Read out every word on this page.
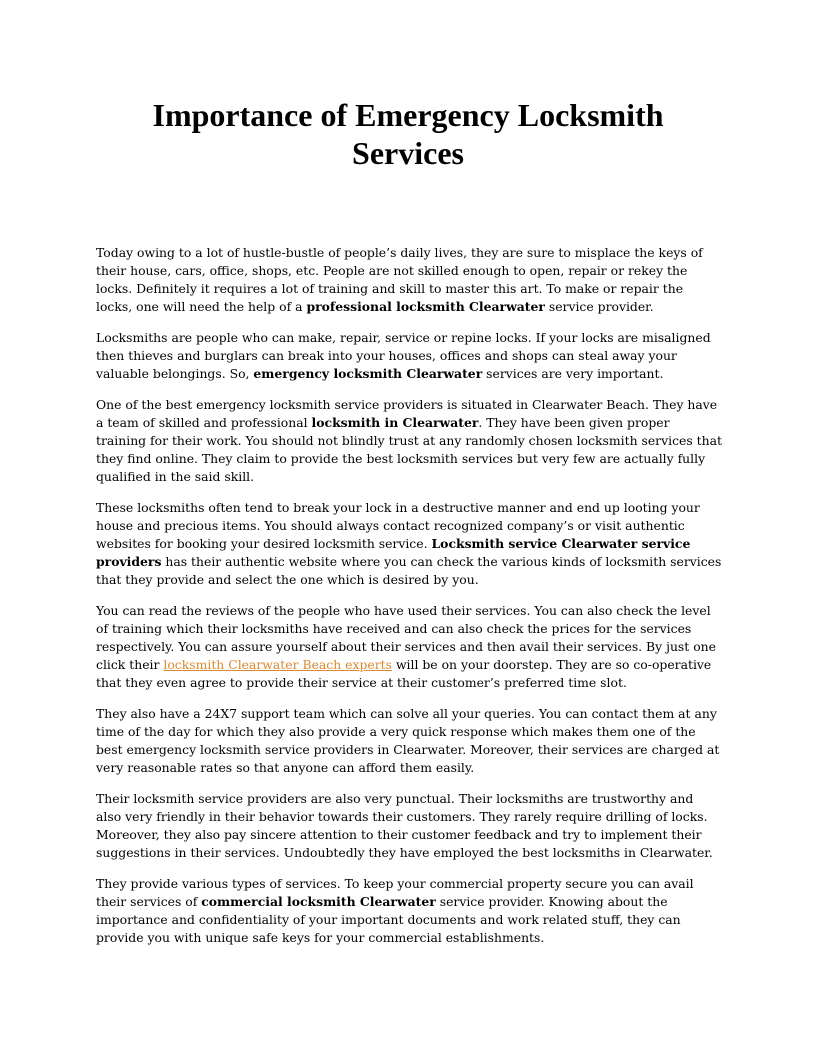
Importance of Emergency Locksmith Services

Today owing to a lot of hustle-bustle of people’s daily lives, they are sure to misplace the keys of their house, cars, office, shops, etc. People are not skilled enough to open, repair or rekey the locks. Definitely it requires a lot of training and skill to master this art. To make or repair the locks, one will need the help of a professional locksmith Clearwater service provider.

Locksmiths are people who can make, repair, service or repine locks. If your locks are misaligned then thieves and burglars can break into your houses, offices and shops can steal away your valuable belongings. So, emergency locksmith Clearwater services are very important.

One of the best emergency locksmith service providers is situated in Clearwater Beach. They have a team of skilled and professional locksmith in Clearwater. They have been given proper training for their work. You should not blindly trust at any randomly chosen locksmith services that they find online. They claim to provide the best locksmith services but very few are actually fully qualified in the said skill.

These locksmiths often tend to break your lock in a destructive manner and end up looting your house and precious items. You should always contact recognized company’s or visit authentic websites for booking your desired locksmith service. Locksmith service Clearwater service providers has their authentic website where you can check the various kinds of locksmith services that they provide and select the one which is desired by you.

You can read the reviews of the people who have used their services. You can also check the level of training which their locksmiths have received and can also check the prices for the services respectively. You can assure yourself about their services and then avail their services. By just one click their locksmith Clearwater Beach experts will be on your doorstep. They are so co-operative that they even agree to provide their service at their customer’s preferred time slot.

They also have a 24X7 support team which can solve all your queries. You can contact them at any time of the day for which they also provide a very quick response which makes them one of the best emergency locksmith service providers in Clearwater. Moreover, their services are charged at very reasonable rates so that anyone can afford them easily.

Their locksmith service providers are also very punctual. Their locksmiths are trustworthy and also very friendly in their behavior towards their customers. They rarely require drilling of locks. Moreover, they also pay sincere attention to their customer feedback and try to implement their suggestions in their services. Undoubtedly they have employed the best locksmiths in Clearwater.

They provide various types of services. To keep your commercial property secure you can avail their services of commercial locksmith Clearwater service provider. Knowing about the importance and confidentiality of your important documents and work related stuff, they can provide you with unique safe keys for your commercial establishments.
